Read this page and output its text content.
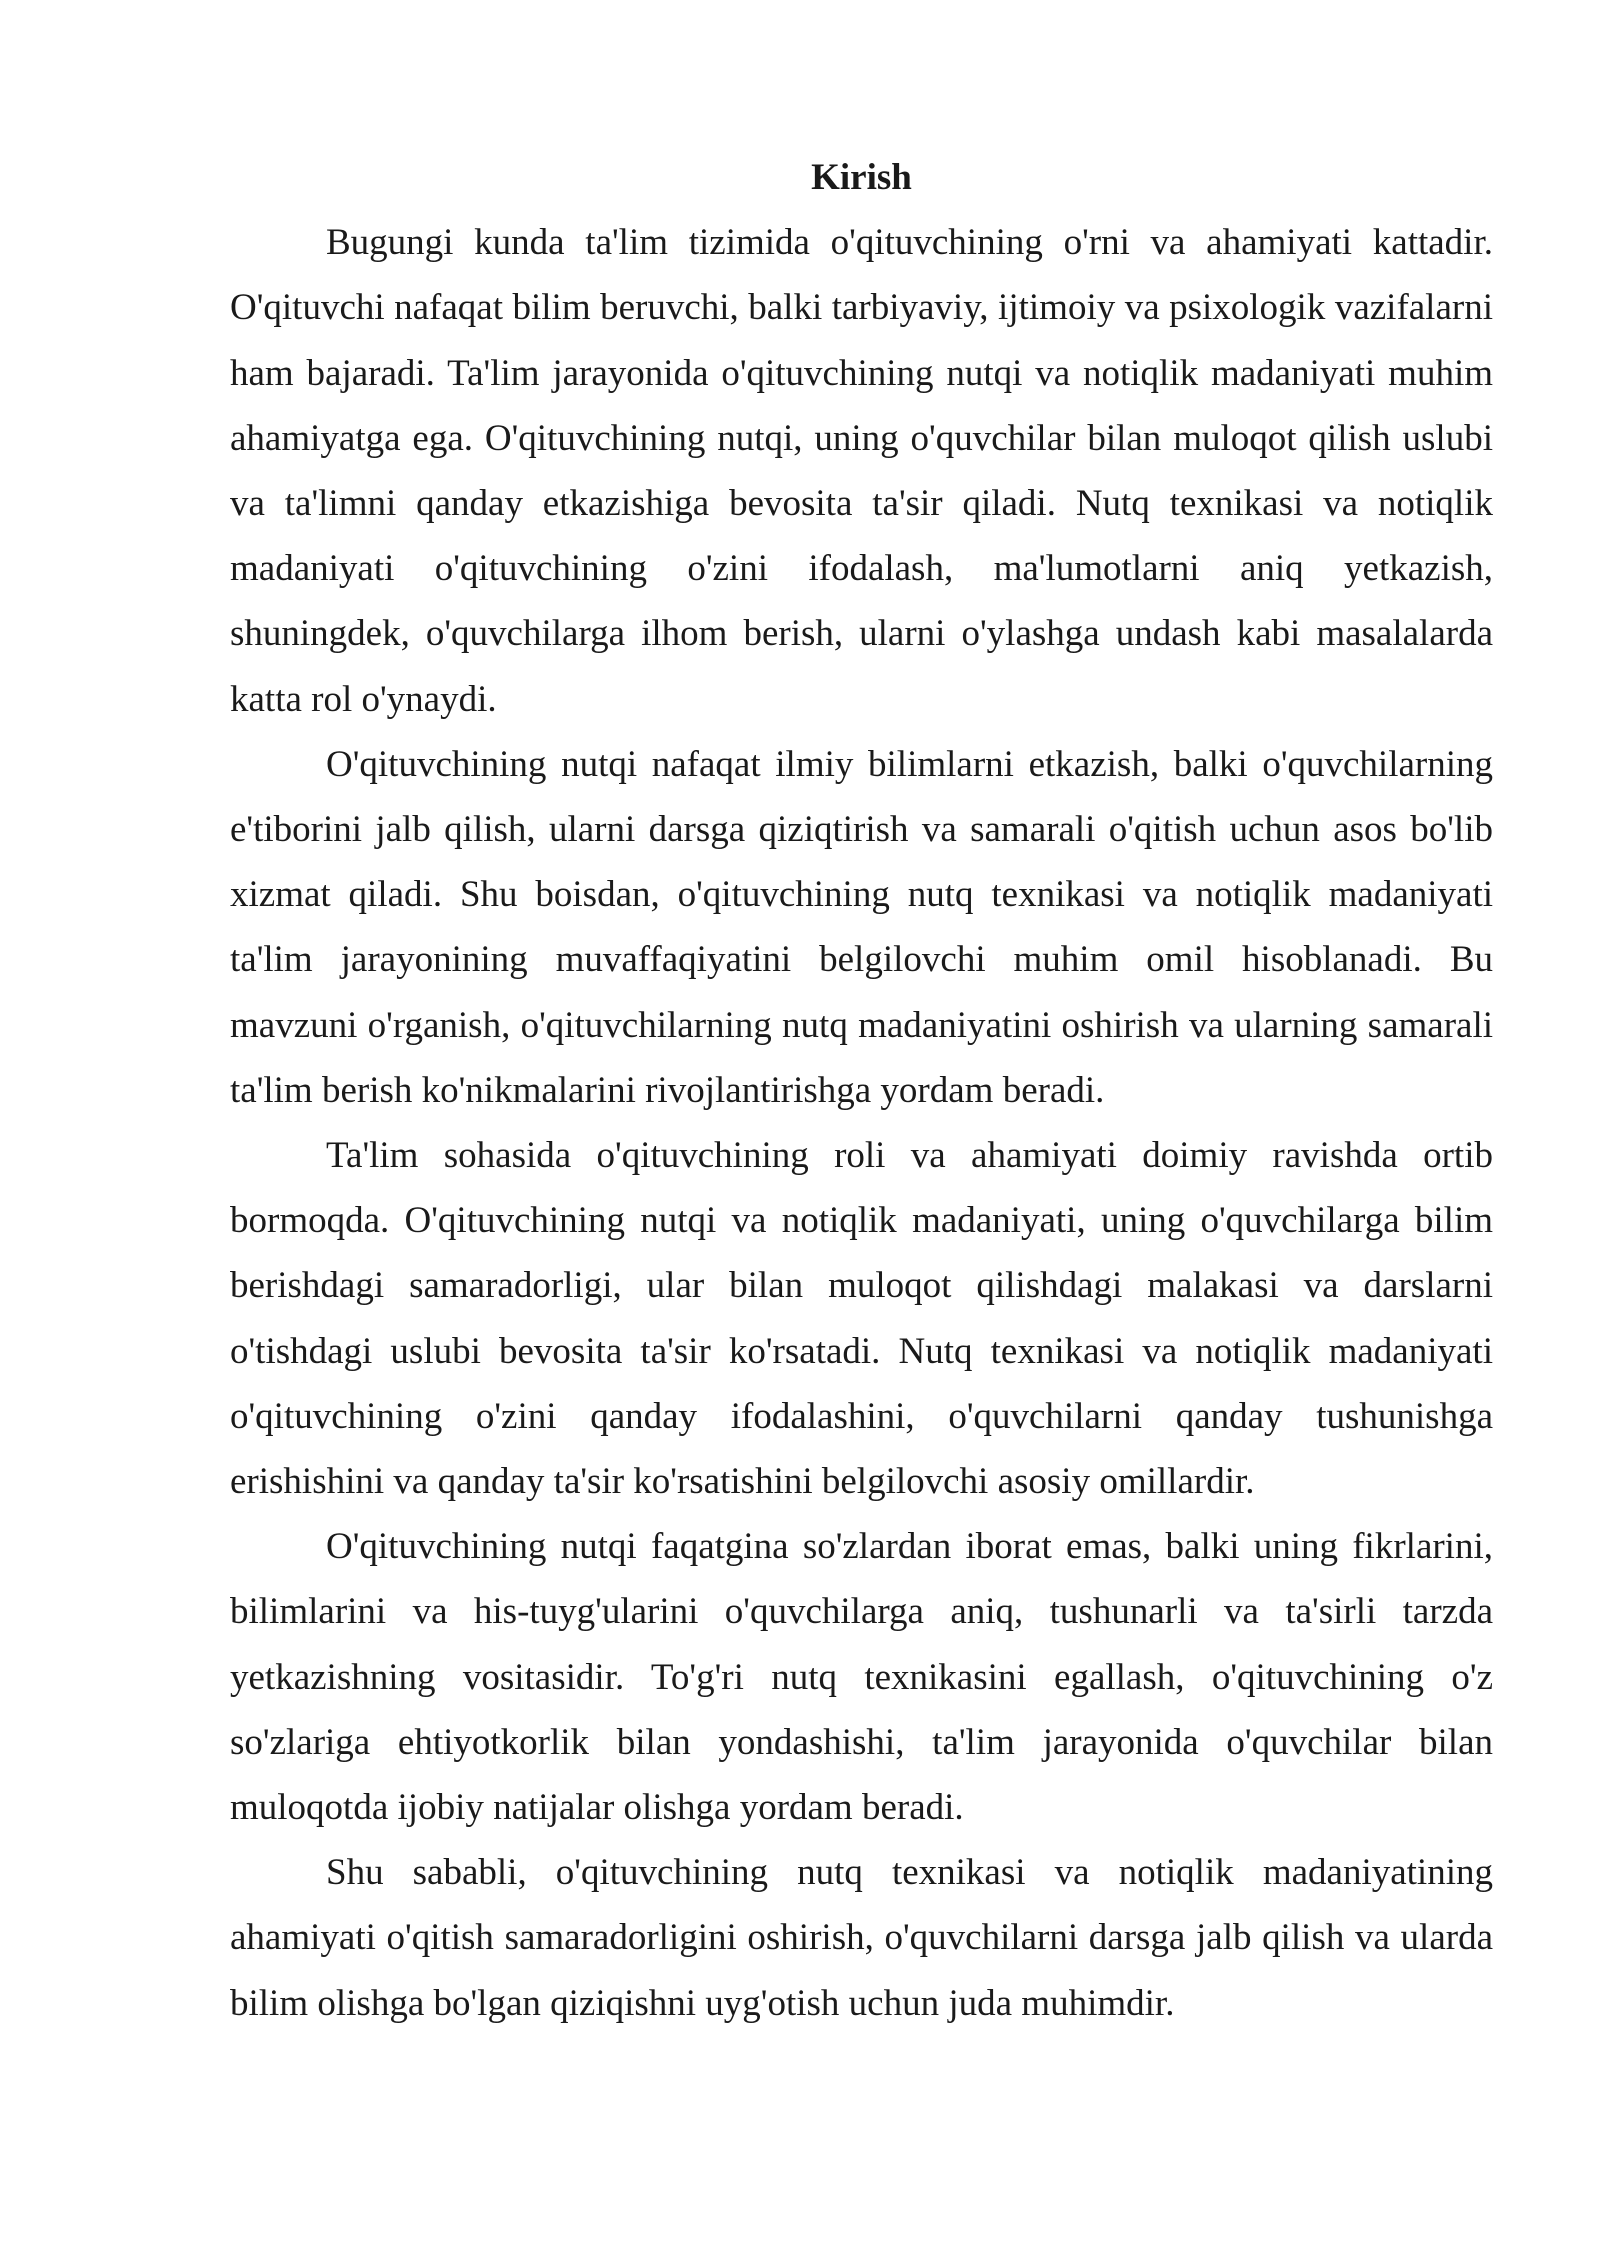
Kirish

Bugungi kunda ta'lim tizimida o'qituvchining o'rni va ahamiyati kattadir. O'qituvchi nafaqat bilim beruvchi, balki tarbiyaviy, ijtimoiy va psixologik vazifalarni ham bajaradi. Ta'lim jarayonida o'qituvchining nutqi va notiqlik madaniyati muhim ahamiyatga ega. O'qituvchining nutqi, uning o'quvchilar bilan muloqot qilish uslubi va ta'limni qanday etkazishiga bevosita ta'sir qiladi. Nutq texnikasi va notiqlik madaniyati o'qituvchining o'zini ifodalash, ma'lumotlarni aniq yetkazish, shuningdek, o'quvchilarga ilhom berish, ularni o'ylashga undash kabi masalalarda katta rol o'ynaydi.

O'qituvchining nutqi nafaqat ilmiy bilimlarni etkazish, balki o'quvchilarning e'tiborini jalb qilish, ularni darsga qiziqtirish va samarali o'qitish uchun asos bo'lib xizmat qiladi. Shu boisdan, o'qituvchining nutq texnikasi va notiqlik madaniyati ta'lim jarayonining muvaffaqiyatini belgilovchi muhim omil hisoblanadi. Bu mavzuni o'rganish, o'qituvchilarning nutq madaniyatini oshirish va ularning samarali ta'lim berish ko'nikmalarini rivojlantirishga yordam beradi.

Ta'lim sohasida o'qituvchining roli va ahamiyati doimiy ravishda ortib bormoqda. O'qituvchining nutqi va notiqlik madaniyati, uning o'quvchilarga bilim berishdagi samaradorligi, ular bilan muloqot qilishdagi malakasi va darslarni o'tishdagi uslubi bevosita ta'sir ko'rsatadi. Nutq texnikasi va notiqlik madaniyati o'qituvchining o'zini qanday ifodalashini, o'quvchilarni qanday tushunishga erishishini va qanday ta'sir ko'rsatishini belgilovchi asosiy omillardir.

O'qituvchining nutqi faqatgina so'zlardan iborat emas, balki uning fikrlarini, bilimlarini va his-tuyg'ularini o'quvchilarga aniq, tushunarli va ta'sirli tarzda yetkazishning vositasidir. To'g'ri nutq texnikasini egallash, o'qituvchining o'z so'zlariga ehtiyotkorlik bilan yondashishi, ta'lim jarayonida o'quvchilar bilan muloqotda ijobiy natijalar olishga yordam beradi.

Shu sababli, o'qituvchining nutq texnikasi va notiqlik madaniyatining ahamiyati o'qitish samaradorligini oshirish, o'quvchilarni darsga jalb qilish va ularda bilim olishga bo'lgan qiziqishni uyg'otish uchun juda muhimdir.
